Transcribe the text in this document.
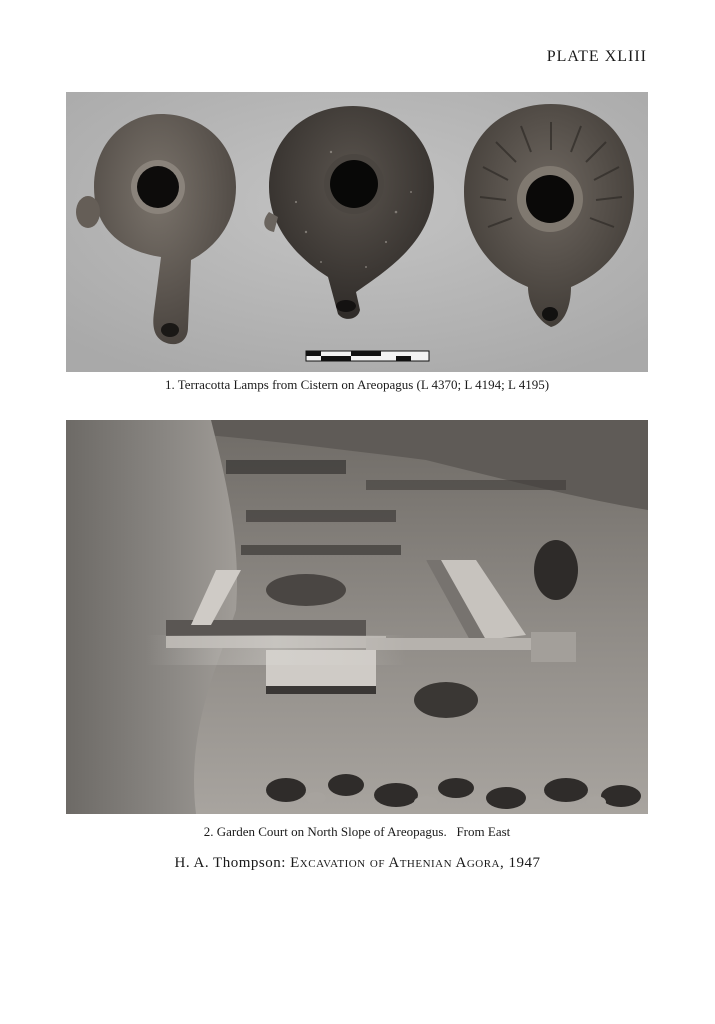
PLATE XLIII
1. Terracotta Lamps from Cistern on Areopagus (L 4370; L 4194; L 4195)
2. Garden Court on North Slope of Areopagus.   From East
H. A. Thompson: Excavation of Athenian Agora, 1947
